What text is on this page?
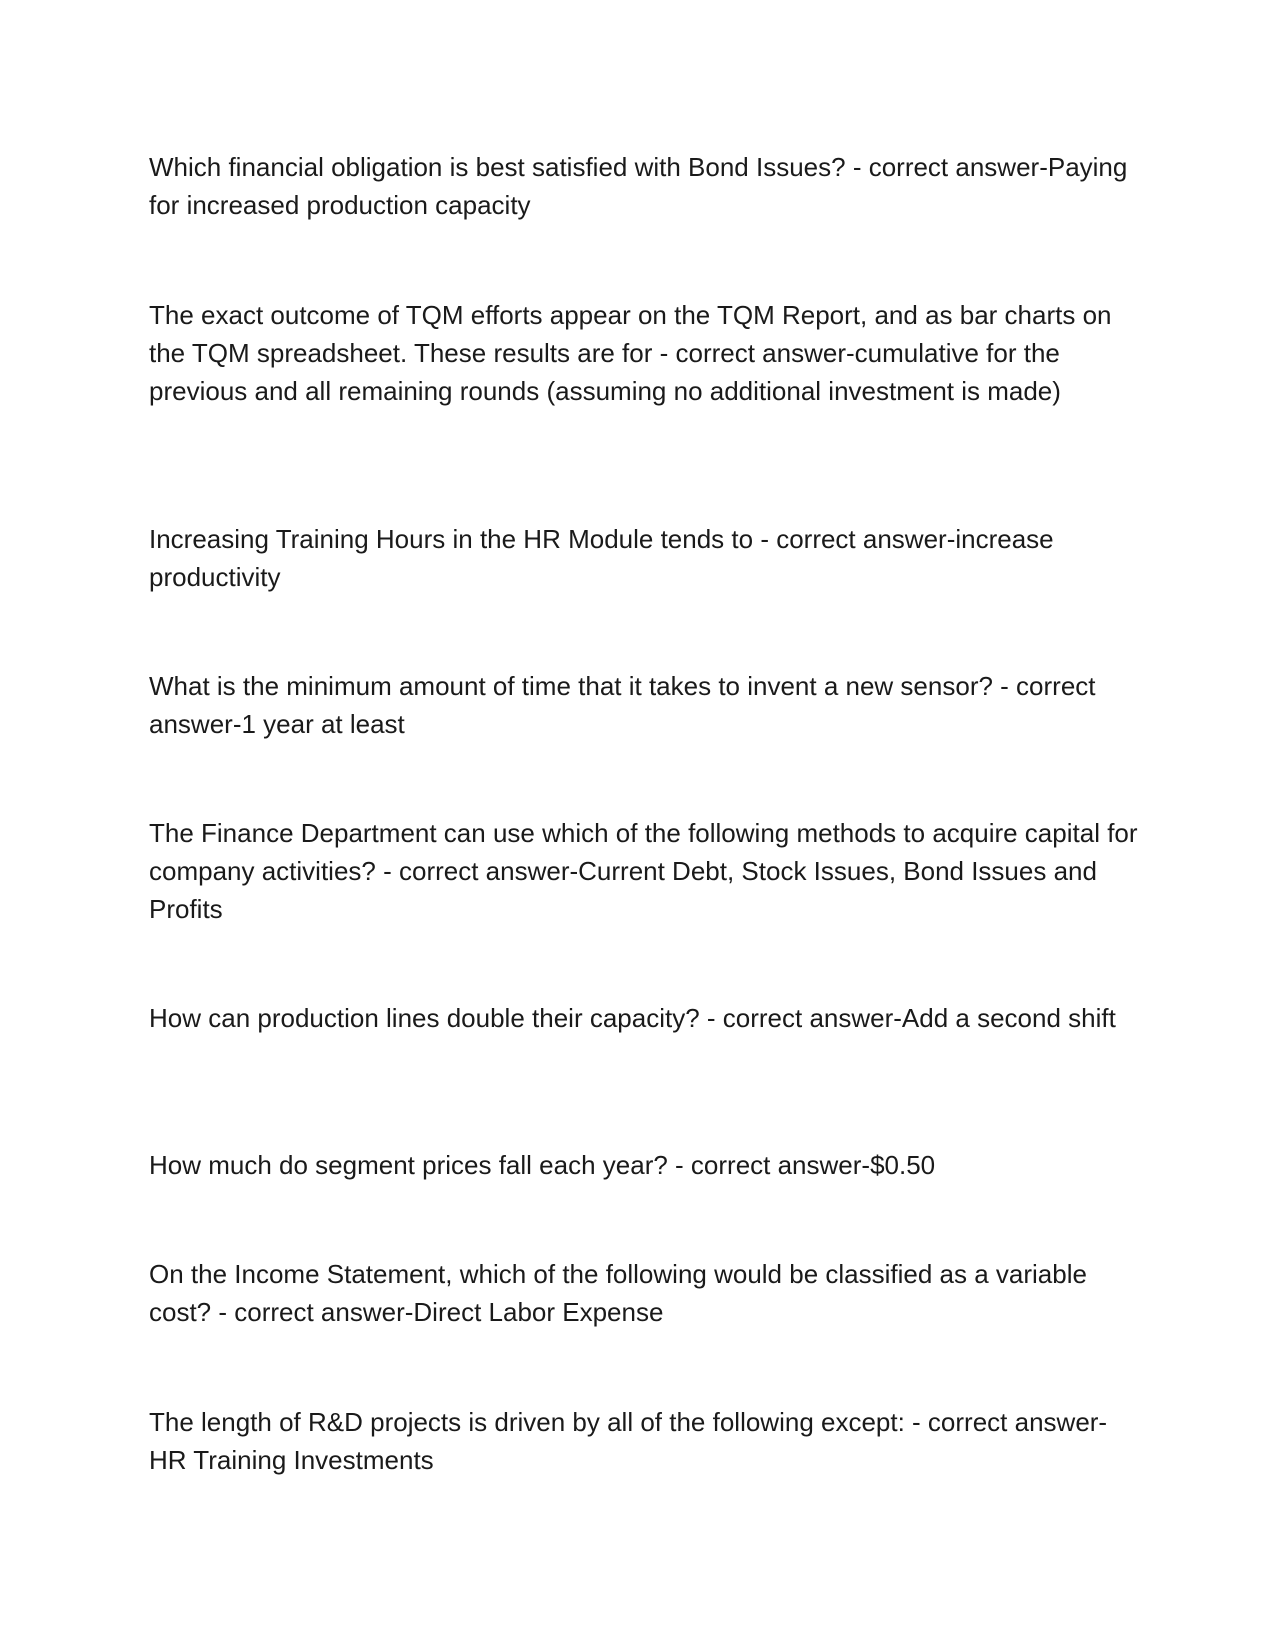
Which financial obligation is best satisfied with Bond Issues? - correct answer-Paying for increased production capacity

The exact outcome of TQM efforts appear on the TQM Report, and as bar charts on the TQM spreadsheet. These results are for - correct answer-cumulative for the previous and all remaining rounds (assuming no additional investment is made)

Increasing Training Hours in the HR Module tends to - correct answer-increase productivity

What is the minimum amount of time that it takes to invent a new sensor? - correct answer-1 year at least

The Finance Department can use which of the following methods to acquire capital for company activities? - correct answer-Current Debt, Stock Issues, Bond Issues and Profits

How can production lines double their capacity? - correct answer-Add a second shift

How much do segment prices fall each year? - correct answer-$0.50

On the Income Statement, which of the following would be classified as a variable cost? - correct answer-Direct Labor Expense

The length of R&D projects is driven by all of the following except: - correct answer-HR Training Investments
